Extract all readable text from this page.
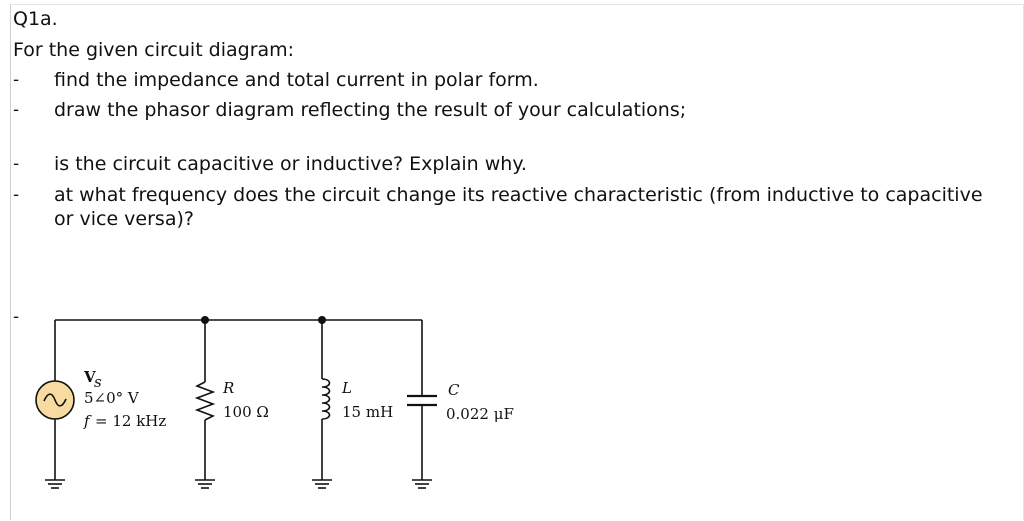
Q1a.
For the given circuit diagram:
- find the impedance and total current in polar form.
- draw the phasor diagram reflecting the result of your calculations;
- is the circuit capacitive or inductive? Explain why.
- at what frequency does the circuit change its reactive characteristic (from inductive to capacitive
or vice versa)?
-
V
s
5∠0° V
f = 12 kHz
R
100 Ω
L
15 mH
C
0.022 μF
